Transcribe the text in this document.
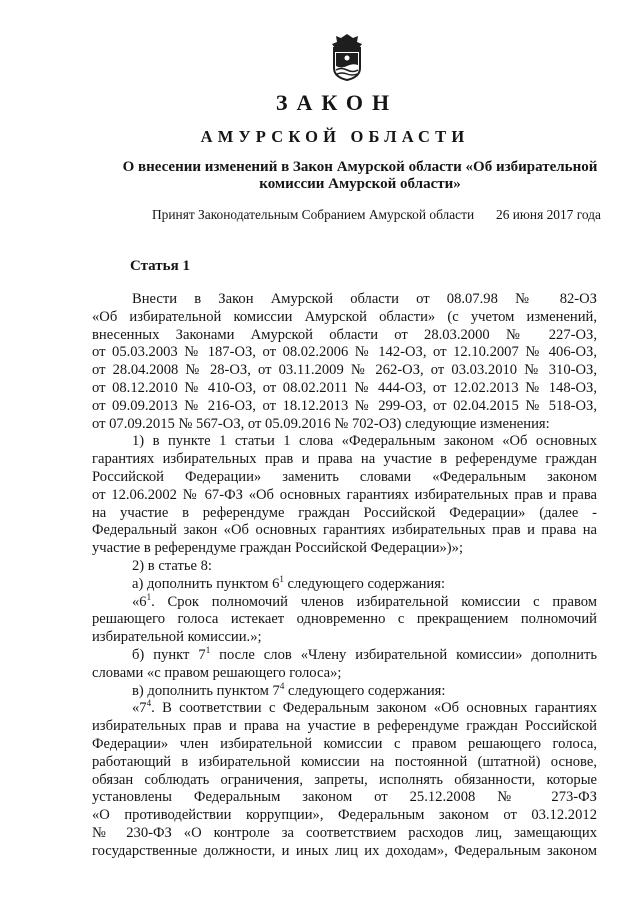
ЗАКОН
АМУРСКОЙ ОБЛАСТИ
О внесении изменений в Закон Амурской области «Об избирательной комиссии Амурской области»
Принят Законодательным Собранием Амурской области 26 июня 2017 года
Статья 1

Внести в Закон Амурской области от 08.07.98 № 82-ОЗ

«Об избирательной комиссии Амурской области» (с учетом изменений,

внесенных Законами Амурской области от 28.03.2000 № 227-ОЗ,

от 05.03.2003 № 187-ОЗ, от 08.02.2006 № 142-ОЗ, от 12.10.2007 № 406-ОЗ,

от 28.04.2008 № 28-ОЗ, от 03.11.2009 № 262-ОЗ, от 03.03.2010 № 310-ОЗ,

от 08.12.2010 № 410-ОЗ, от 08.02.2011 № 444-ОЗ, от 12.02.2013 № 148-ОЗ,

от 09.09.2013 № 216-ОЗ, от 18.12.2013 № 299-ОЗ, от 02.04.2015 № 518-ОЗ,

от 07.09.2015 № 567-ОЗ, от 05.09.2016 № 702-ОЗ) следующие изменения:

1) в пункте 1 статьи 1 слова «Федеральным законом «Об основных

гарантиях избирательных прав и права на участие в референдуме граждан

Российской Федерации» заменить словами «Федеральным законом

от 12.06.2002 № 67-ФЗ «Об основных гарантиях избирательных прав и права

на участие в референдуме граждан Российской Федерации» (далее -

Федеральный закон «Об основных гарантиях избирательных прав и права на

участие в референдуме граждан Российской Федерации»)»;

2) в статье 8:

а) дополнить пунктом $6^1$ следующего содержания:

«$6^1$. Срок полномочий членов избирательной комиссии с правом

решающего голоса истекает одновременно с прекращением полномочий

избирательной комиссии.»;

б) пункт $7^1$ после слов «Члену избирательной комиссии» дополнить

словами «с правом решающего голоса»;

в) дополнить пунктом $7^4$ следующего содержания:

«$7^4$. В соответствии с Федеральным законом «Об основных гарантиях

избирательных прав и права на участие в референдуме граждан Российской

Федерации» член избирательной комиссии с правом решающего голоса,

работающий в избирательной комиссии на постоянной (штатной) основе,

обязан соблюдать ограничения, запреты, исполнять обязанности, которые

установлены Федеральным законом от 25.12.2008 № 273-ФЗ

«О противодействии коррупции», Федеральным законом от 03.12.2012

№ 230-ФЗ «О контроле за соответствием расходов лиц, замещающих

государственные должности, и иных лиц их доходам», Федеральным законом
